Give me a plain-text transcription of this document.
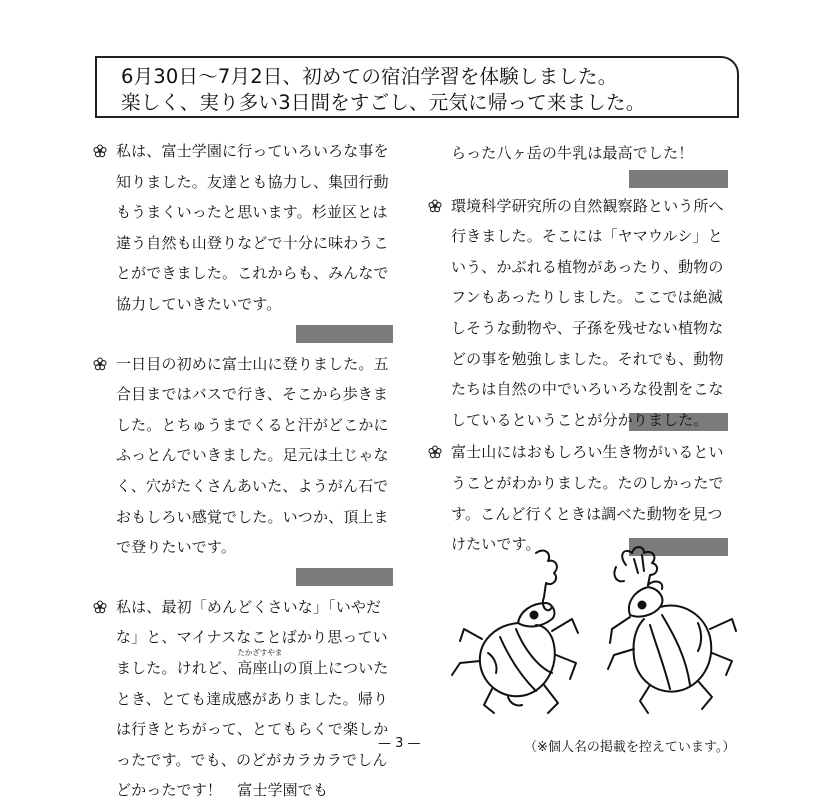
6月30日～7月2日、初めての宿泊学習を体験しました。
楽しく、実り多い3日間をすごし、元気に帰って来ました。

私は、富士学園に行っていろいろな事を知りました。友達とも協力し、集団行動もうまくいったと思います。杉並区とは違う自然も山登りなどで十分に味わうことができました。これからも、みんなで協力していきたいです。

一日目の初めに富士山に登りました。五合目まではバスで行き、そこから歩きました。とちゅうまでくると汗がどこかにふっとんでいきました。足元は土じゃなく、穴がたくさんあいた、ようがん石でおもしろい感覚でした。いつか、頂上まで登りたいです。

私は、最初「めんどくさいな」「いやだな」と、マイナスなことばかり思っていました。けれど、
たかざすやま
高座山の頂上についたとき、とても達成感がありました。帰りは行きとちがって、とてもらくで楽しかったです。でも、のどがカラカラでしんどかったです！　富士学園でも

らった八ヶ岳の牛乳は最高でした！

環境科学研究所の自然観察路という所へ行きました。そこには「ヤマウルシ」という、かぶれる植物があったり、動物のフンもあったりしました。ここでは絶滅しそうな動物や、子孫を残せない植物などの事を勉強しました。それでも、動物たちは自然の中でいろいろな役割をこなしているということが分かりました。

富士山にはおもしろい生き物がいるということがわかりました。たのしかったです。こんど行くときは調べた動物を見つけたいです。

— 3 —	（※個人名の掲載を控えています。）
